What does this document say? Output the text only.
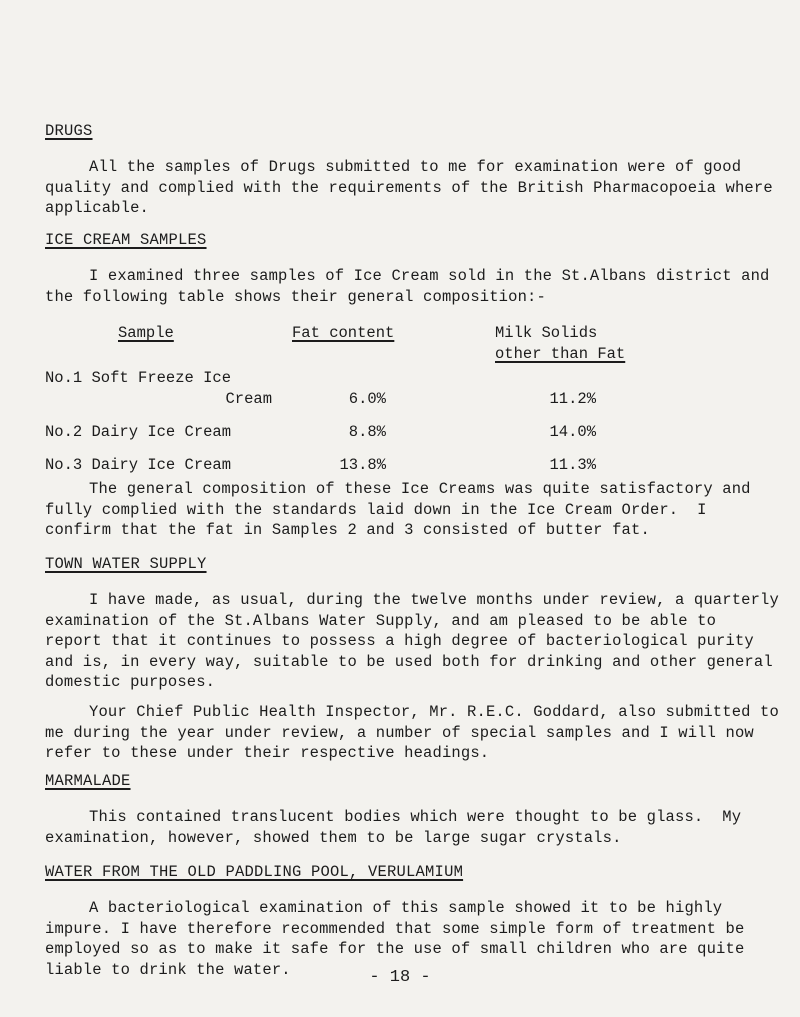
DRUGS

All the samples of Drugs submitted to me for examination were of good quality and complied with the requirements of the British Pharmacopoeia where applicable.

ICE CREAM SAMPLES

I examined three samples of Ice Cream sold in the St.Albans district and the following table shows their general composition:-

Sample	Fat content	Milk Solids
other than Fat
No.1 Soft Freeze Ice
Cream	6.0%	11.2%
No.2 Dairy Ice Cream	8.8%	14.0%
No.3 Dairy Ice Cream	13.8%	11.3%

The general composition of these Ice Creams was quite satisfactory and fully complied with the standards laid down in the Ice Cream Order.  I confirm that the fat in Samples 2 and 3 consisted of butter fat.

TOWN WATER SUPPLY

I have made, as usual, during the twelve months under review, a quarterly examination of the St.Albans Water Supply, and am pleased to be able to report that it continues to possess a high degree of bacteriological purity and is, in every way, suitable to be used both for drinking and other general domestic purposes.

Your Chief Public Health Inspector, Mr. R.E.C. Goddard, also submitted to me during the year under review, a number of special samples and I will now refer to these under their respective headings.

MARMALADE

This contained translucent bodies which were thought to be glass.  My examination, however, showed them to be large sugar crystals.

WATER FROM THE OLD PADDLING POOL, VERULAMIUM

A bacteriological examination of this sample showed it to be highly impure. I have therefore recommended that some simple form of treatment be employed so as to make it safe for the use of small children who are quite liable to drink the water.	- 18 -
